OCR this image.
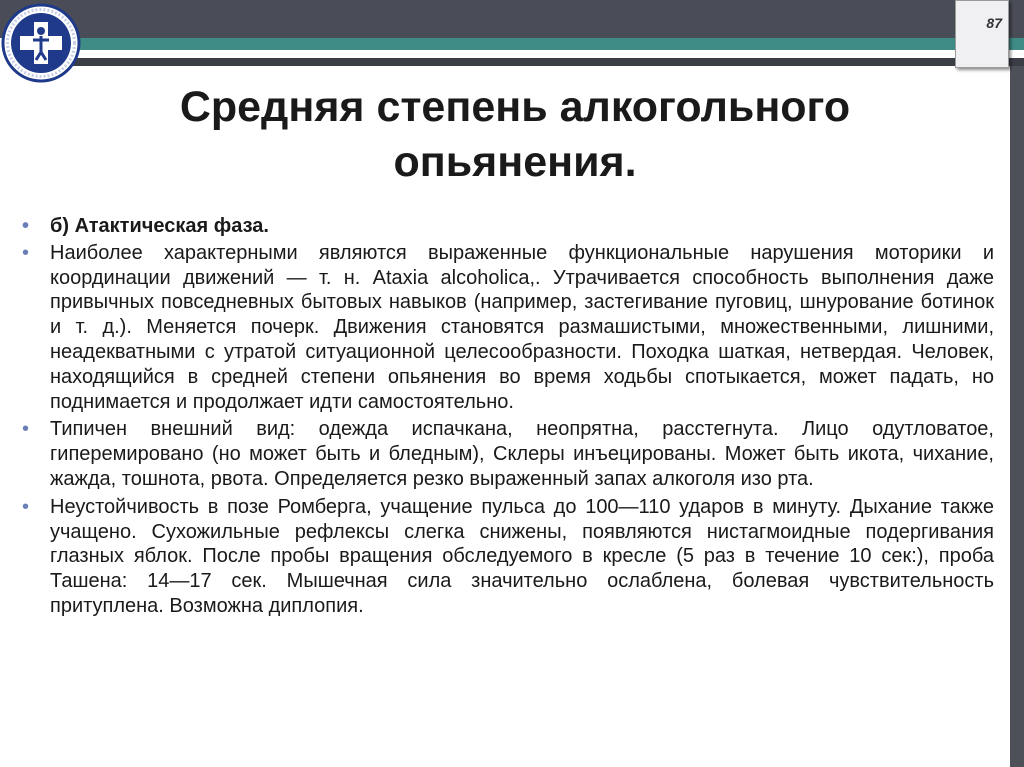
87
Средняя степень алкогольного опьянения.
• б) Атактическая фаза.
• Наиболее характерными являются выраженные функциональные нарушения моторики и координации движений — т. н. Ataxia alcoholica,. Утрачивается способность выполнения даже привычных повседневных бытовых навыков (например, застегивание пуговиц, шнурование ботинок и т. д.). Меняется почерк. Движения становятся размашистыми, множественными, лишними, неадекватными с утратой ситуационной целесообразности. Походка шаткая, нетвердая. Человек, находящийся в средней степени опьянения во время ходьбы спотыкается, может падать, но поднимается и продолжает идти самостоятельно.
• Типичен внешний вид: одежда испачкана, неопрятна, расстегнута. Лицо одутловатое, гиперемировано (но может быть и бледным), Склеры инъецированы. Может быть икота, чихание, жажда, тошнота, рвота. Определяется резко выраженный запах алкоголя изо рта.
• Неустойчивость в позе Ромберга, учащение пульса до 100—110 ударов в минуту. Дыхание также учащено. Сухожильные рефлексы слегка снижены, появляются нистагмоидные подергивания глазных яблок. После пробы вращения обследуемого в кресле (5 раз в течение 10 сек:), проба Ташена: 14—17 сек. Мышечная сила значительно ослаблена, болевая чувствительность притуплена. Возможна диплопия.
